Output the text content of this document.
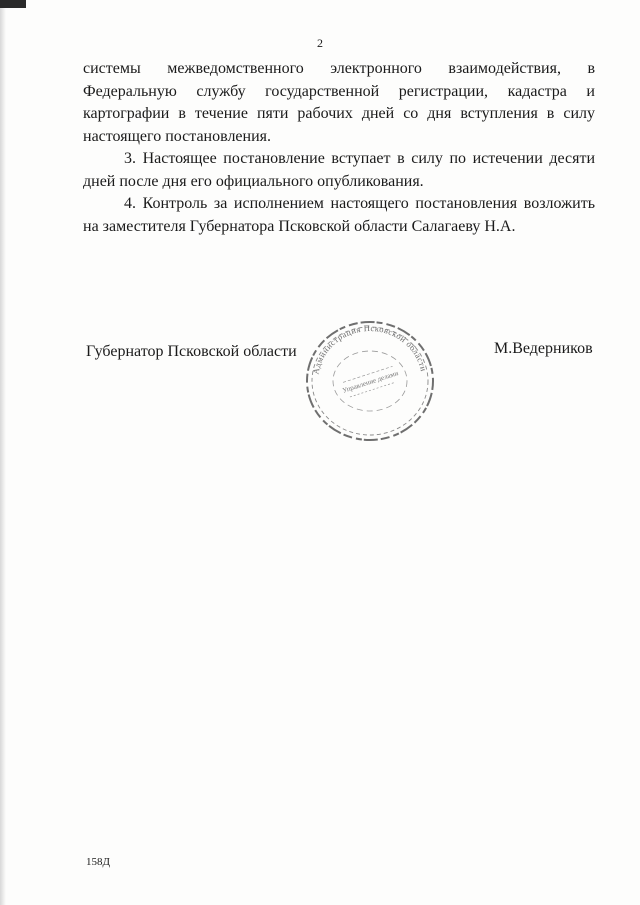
2

системы межведомственного электронного взаимодействия, в Федеральную службу государственной регистрации, кадастра и картографии в течение пяти рабочих дней со дня вступления в силу настоящего постановления.

3. Настоящее постановление вступает в силу по истечении десяти дней после дня его официального опубликования.

4. Контроль за исполнением настоящего постановления возложить на заместителя Губернатора Псковской области Салагаеву Н.А.

Губернатор Псковской области	М.Ведерников
Администрация Псковской области
Управление делами
158Д
